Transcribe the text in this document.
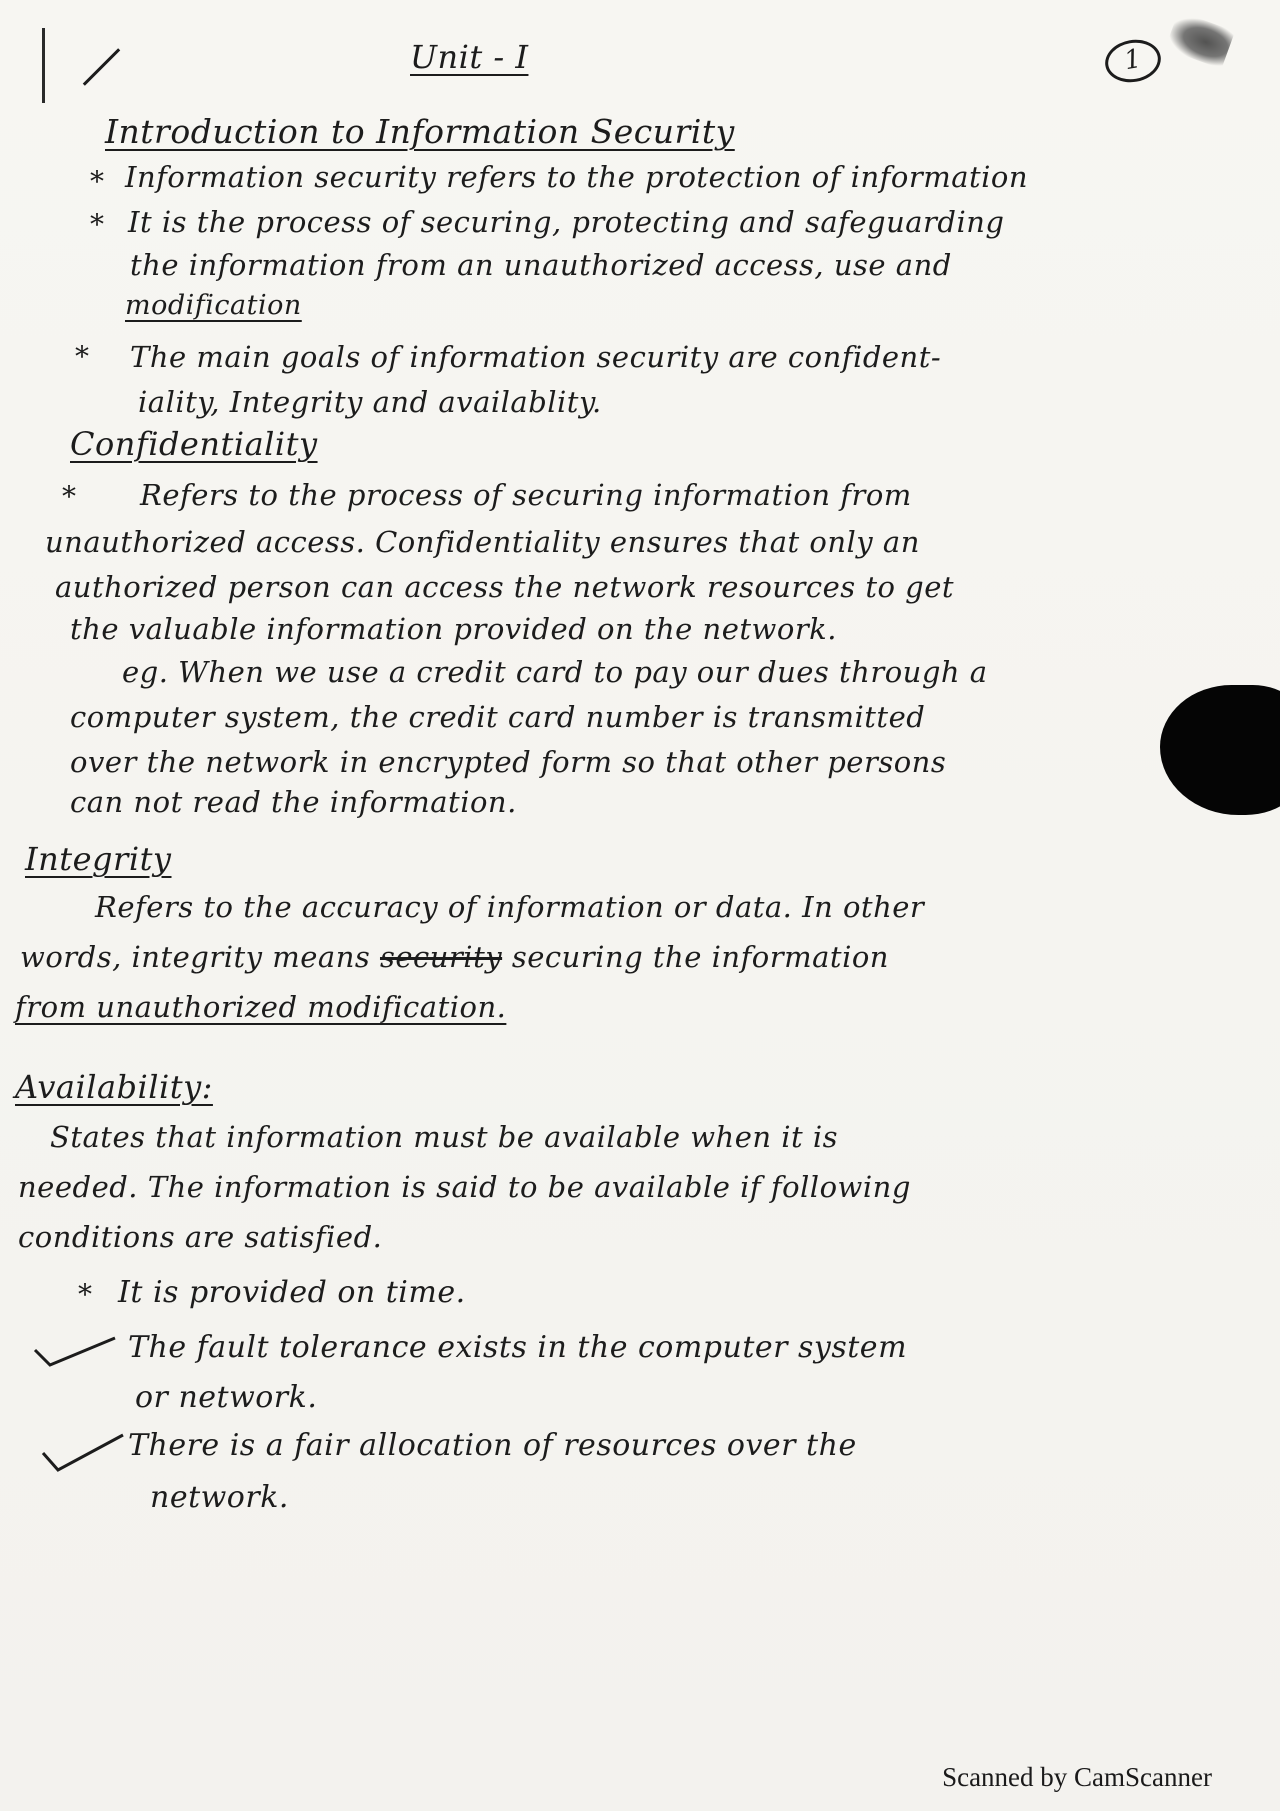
Unit - I	1
Introduction to Information Security
* Information security refers to the protection of information
* It is the process of securing, protecting and safeguarding
the information from an unauthorized access, use and
modification
* The main goals of information security are confident-
iality, Integrity and availablity.
Confidentiality
* Refers to the process of securing information from
unauthorized access. Confidentiality ensures that only an
authorized person can access the network resources to get
the valuable information provided on the network.
eg. When we use a credit card to pay our dues through a
computer system, the credit card number is transmitted
over the network in encrypted form so that other persons
can not read the information.
Integrity
Refers to the accuracy of information or data. In other
words, integrity means security securing the information
from unauthorized modification.
Availability:
States that information must be available when it is
needed. The information is said to be available if following
conditions are satisfied.
* It is provided on time.
The fault tolerance exists in the computer system
or network.
There is a fair allocation of resources over the
network.
Scanned by CamScanner
